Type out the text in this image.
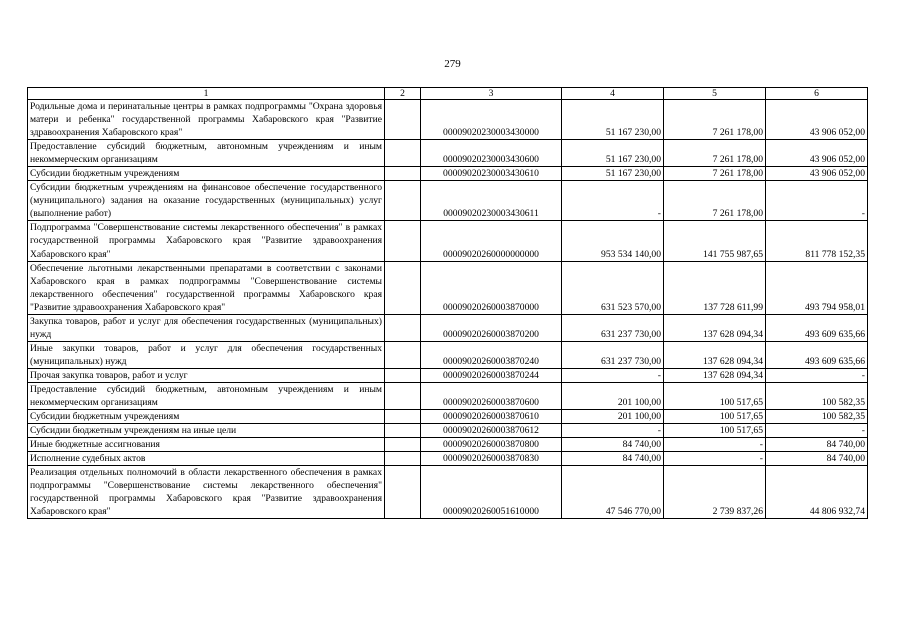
279
1	2	3	4	5	6
Родильные дома и перинатальные центры в рамках подпрограммы "Охрана здоровья матери и ребенка" государственной программы Хабаровского края "Развитие здравоохранения Хабаровского края"		00009020230003430000	51 167 230,00	7 261 178,00	43 906 052,00
Предоставление субсидий бюджетным, автономным учреждениям и иным некоммерческим организациям		00009020230003430600	51 167 230,00	7 261 178,00	43 906 052,00
Субсидии бюджетным учреждениям		00009020230003430610	51 167 230,00	7 261 178,00	43 906 052,00
Субсидии бюджетным учреждениям на финансовое обеспечение государственного (муниципального) задания на оказание государственных (муниципальных) услуг (выполнение работ)		00009020230003430611	-	7 261 178,00	-
Подпрограмма "Совершенствование системы лекарственного обеспечения" в рамках государственной программы Хабаровского края "Развитие здравоохранения Хабаровского края"		00009020260000000000	953 534 140,00	141 755 987,65	811 778 152,35
Обеспечение льготными лекарственными препаратами в соответствии с законами Хабаровского края в рамках подпрограммы "Совершенствование системы лекарственного обеспечения" государственной программы Хабаровского края "Развитие здравоохранения Хабаровского края"		00009020260003870000	631 523 570,00	137 728 611,99	493 794 958,01
Закупка товаров, работ и услуг для обеспечения государственных (муниципальных) нужд		00009020260003870200	631 237 730,00	137 628 094,34	493 609 635,66
Иные закупки товаров, работ и услуг для обеспечения государственных (муниципальных) нужд		00009020260003870240	631 237 730,00	137 628 094,34	493 609 635,66
Прочая закупка товаров, работ и услуг		00009020260003870244	-	137 628 094,34	-
Предоставление субсидий бюджетным, автономным учреждениям и иным некоммерческим организациям		00009020260003870600	201 100,00	100 517,65	100 582,35
Субсидии бюджетным учреждениям		00009020260003870610	201 100,00	100 517,65	100 582,35
Субсидии бюджетным учреждениям на иные цели		00009020260003870612	-	100 517,65	-
Иные бюджетные ассигнования		00009020260003870800	84 740,00	-	84 740,00
Исполнение судебных актов		00009020260003870830	84 740,00	-	84 740,00
Реализация отдельных полномочий в области лекарственного обеспечения в рамках подпрограммы "Совершенствование системы лекарственного обеспечения" государственной программы Хабаровского края "Развитие здравоохранения Хабаровского края"		00009020260051610000	47 546 770,00	2 739 837,26	44 806 932,74
